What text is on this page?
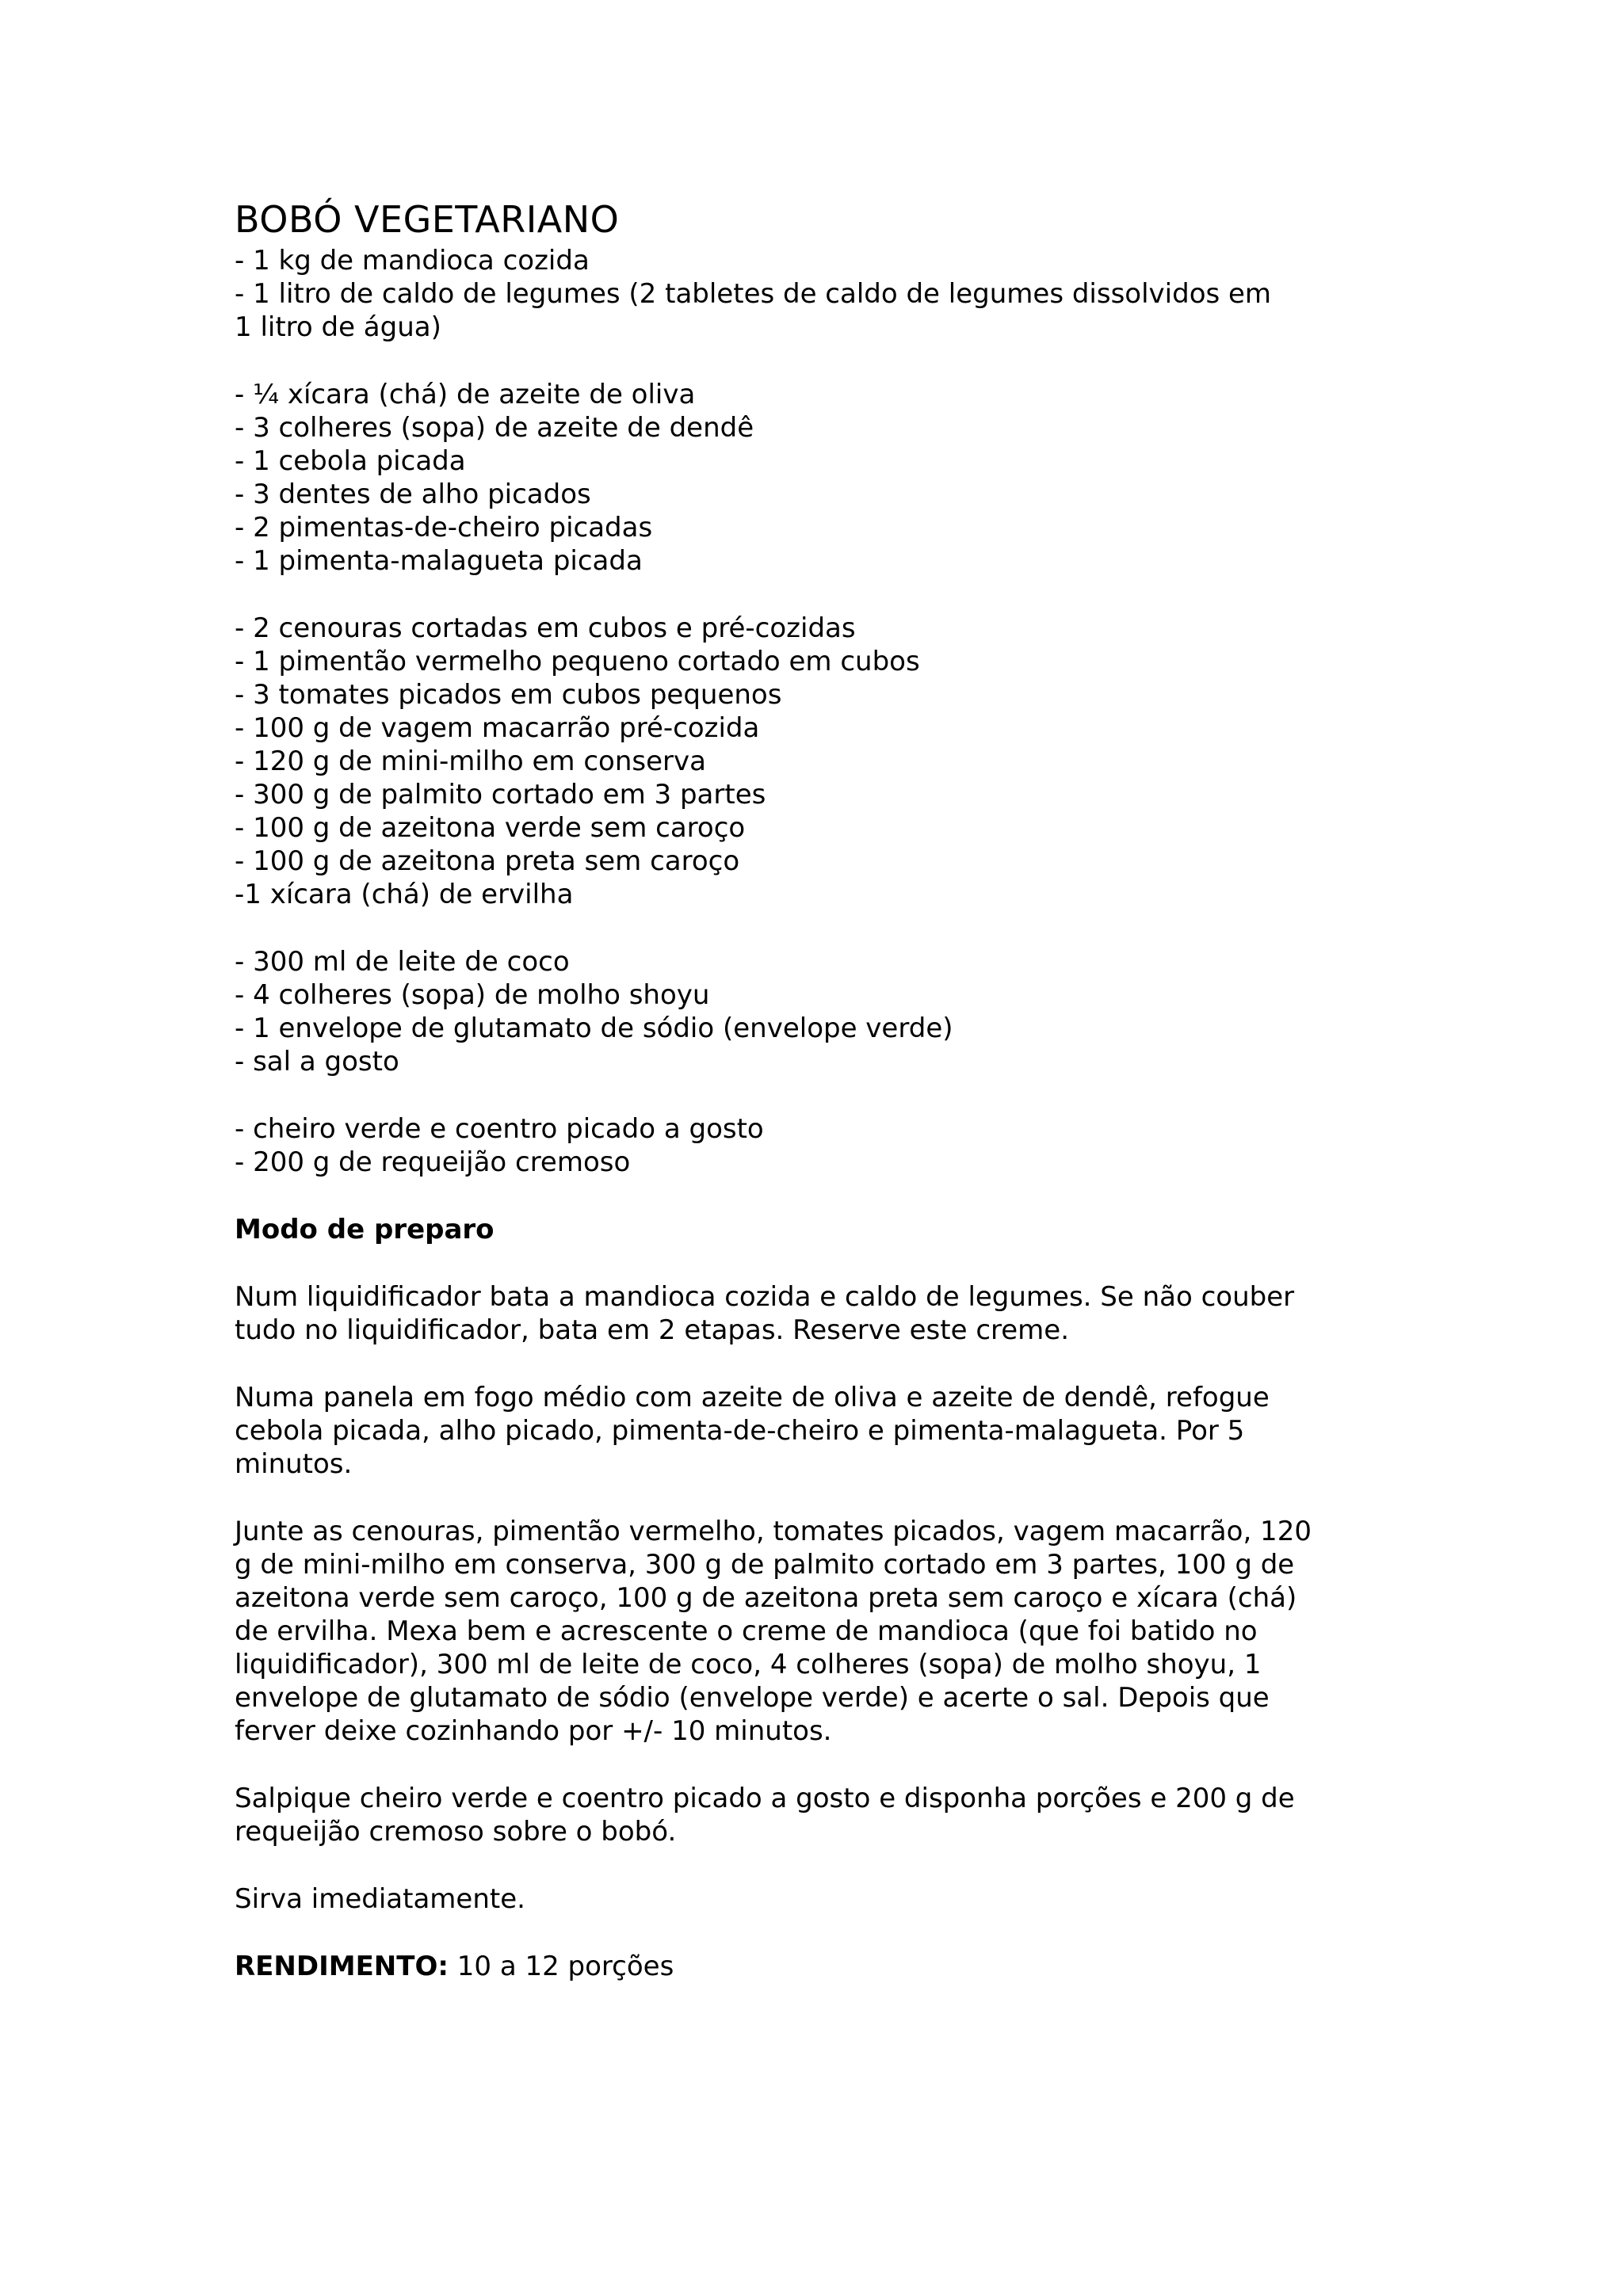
BOBÓ VEGETARIANO

- 1 kg de mandioca cozida

- 1 litro de caldo de legumes (2 tabletes de caldo de legumes dissolvidos em

1 litro de água)

- ¼ xícara (chá) de azeite de oliva

- 3 colheres (sopa) de azeite de dendê

- 1 cebola picada

- 3 dentes de alho picados

- 2 pimentas-de-cheiro picadas

- 1 pimenta-malagueta picada

- 2 cenouras cortadas em cubos e pré-cozidas

- 1 pimentão vermelho pequeno cortado em cubos

- 3 tomates picados em cubos pequenos

- 100 g de vagem macarrão pré-cozida

- 120 g de mini-milho em conserva

- 300 g de palmito cortado em 3 partes

- 100 g de azeitona verde sem caroço

- 100 g de azeitona preta sem caroço

-1 xícara (chá) de ervilha

- 300 ml de leite de coco

- 4 colheres (sopa) de molho shoyu

- 1 envelope de glutamato de sódio (envelope verde)

- sal a gosto

- cheiro verde e coentro picado a gosto

- 200 g de requeijão cremoso

Modo de preparo

Num liquidificador bata a mandioca cozida e caldo de legumes. Se não couber tudo no liquidificador, bata em 2 etapas. Reserve este creme.

Numa panela em fogo médio com azeite de oliva e azeite de dendê, refogue cebola picada, alho picado, pimenta-de-cheiro e pimenta-malagueta. Por 5 minutos.

Junte as cenouras, pimentão vermelho, tomates picados, vagem macarrão, 120 g de mini-milho em conserva, 300 g de palmito cortado em 3 partes, 100 g de azeitona verde sem caroço, 100 g de azeitona preta sem caroço e xícara (chá) de ervilha. Mexa bem e acrescente o creme de mandioca (que foi batido no liquidificador), 300 ml de leite de coco, 4 colheres (sopa) de molho shoyu, 1 envelope de glutamato de sódio (envelope verde) e acerte o sal. Depois que ferver deixe cozinhando por +/- 10 minutos.

Salpique cheiro verde e coentro picado a gosto e disponha porções e 200 g de requeijão cremoso sobre o bobó.

Sirva imediatamente.

RENDIMENTO: 10 a 12 porções
